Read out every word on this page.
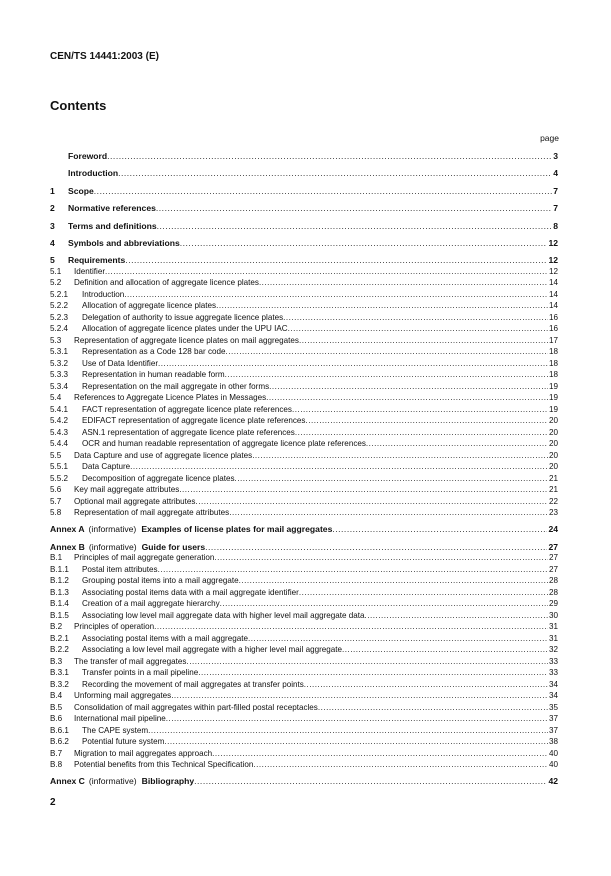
CEN/TS 14441:2003 (E)
Contents
page
Foreword .....	3
Introduction .....	4
1	Scope .....	7
2	Normative references .....	7
3	Terms and definitions .....	8
4	Symbols and abbreviations .....	12
5	Requirements .....	12
5.1	Identifier .....	12
5.2	Definition and allocation of aggregate licence plates .....	14
5.2.1	Introduction .....	14
5.2.2	Allocation of aggregate licence plates .....	14
5.2.3	Delegation of authority to issue aggregate licence plates .....	16
5.2.4	Allocation of aggregate licence plates under the UPU IAC .....	16
5.3	Representation of aggregate licence plates on mail aggregates .....	17
5.3.1	Representation as a Code 128 bar code .....	18
5.3.2	Use of Data Identifier .....	18
5.3.3	Representation in human readable form .....	18
5.3.4	Representation on the mail aggregate in other forms .....	19
5.4	References to Aggregate Licence Plates in Messages .....	19
5.4.1	FACT representation of aggregate licence plate references .....	19
5.4.2	EDIFACT representation of aggregate licence plate references .....	20
5.4.3	ASN.1 representation of aggregate licence plate references .....	20
5.4.4	OCR and human readable representation of aggregate licence plate references .....	20
5.5	Data Capture and use of aggregate licence plates .....	20
5.5.1	Data Capture .....	20
5.5.2	Decomposition of aggregate licence plates .....	21
5.6	Key mail aggregate attributes .....	21
5.7	Optional mail aggregate attributes .....	22
5.8	Representation of mail aggregate attributes .....	23
Annex A (informative) Examples of license plates for mail aggregates .....	24
Annex B (informative) Guide for users .....	27
B.1	Principles of mail aggregate generation .....	27
B.1.1	Postal item attributes .....	27
B.1.2	Grouping postal items into a mail aggregate .....	28
B.1.3	Associating postal items data with a mail aggregate identifier .....	28
B.1.4	Creation of a mail aggregate hierarchy .....	29
B.1.5	Associating low level mail aggregate data with higher level mail aggregate data .....	30
B.2	Principles of operation .....	31
B.2.1	Associating postal items with a mail aggregate .....	31
B.2.2	Associating a low level mail aggregate with a higher level mail aggregate .....	32
B.3	The transfer of mail aggregates .....	33
B.3.1	Transfer points in a mail pipeline .....	33
B.3.2	Recording the movement of mail aggregates at transfer points .....	34
B.4	Unforming mail aggregates .....	34
B.5	Consolidation of mail aggregates within part-filled postal receptacles .....	35
B.6	International mail pipeline .....	37
B.6.1	The CAPE system .....	37
B.6.2	Potential future system .....	38
B.7	Migration to mail aggregates approach .....	40
B.8	Potential benefits from this Technical Specification .....	40
Annex C (informative) Bibliography .....	42
2
